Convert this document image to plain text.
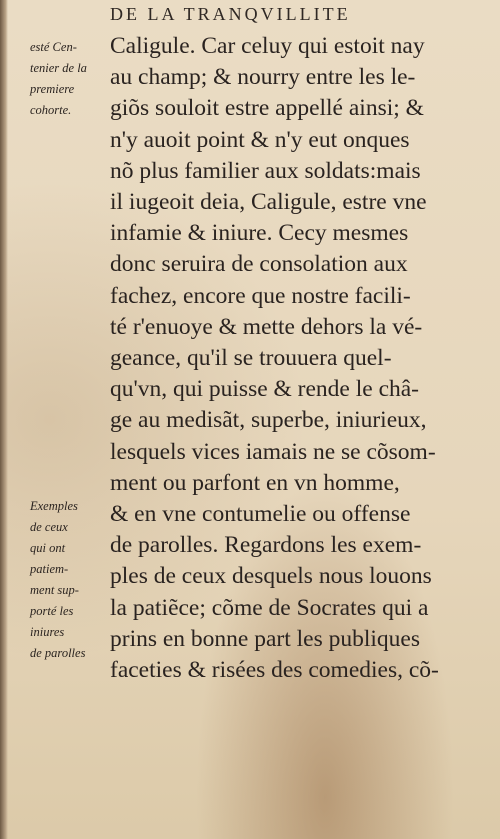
DE LA TRANQVILLITE
esté Cen-
tenier de la
premiere
cohorte.
Exemples
de ceux
qui ont
patiem-
ment sup-
porté les
iniures
de parolles
Caligule. Car celuy qui estoit nay
au champ; & nourry entre les le-
giõs souloit estre appellé ainsi; &
n'y auoit point & n'y eut onques
nõ plus familier aux soldats:mais
il iugeoit deia, Caligule, estre vne
infamie & iniure. Cecy mesmes
donc seruira de consolation aux
fachez, encore que nostre facili-
té r'enuoye & mette dehors la vé-
geance, qu'il se trouuera quel-
qu'vn, qui puisse & rende le châ-
ge au medisãt, superbe, iniurieux,
lesquels vices iamais ne se cõsom-
ment ou parfont en vn homme,
& en vne contumelie ou offense
de parolles. Regardons les exem-
ples de ceux desquels nous louons
la patiẽce; cõme de Socrates qui a
prins en bonne part les publiques
faceties & risées des comedies, cõ-
